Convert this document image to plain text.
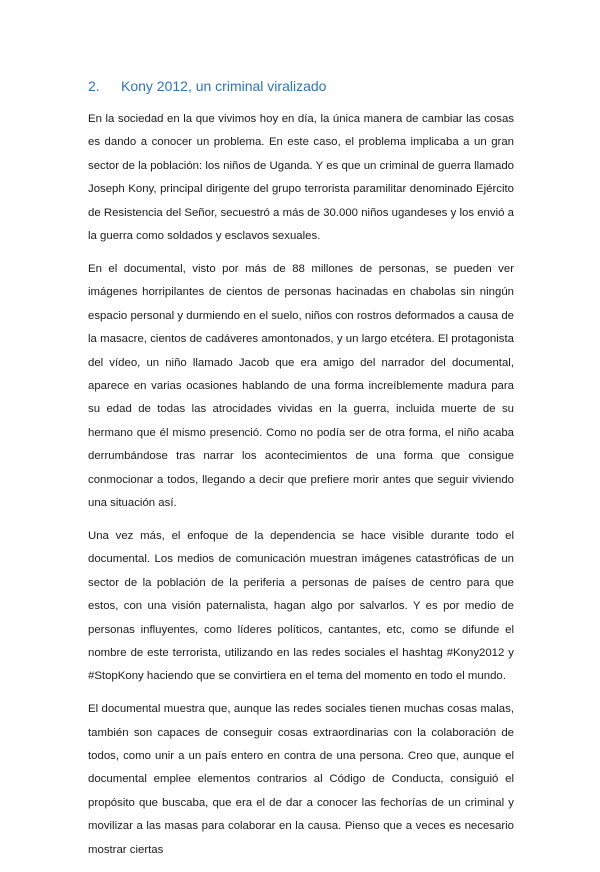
2. Kony 2012, un criminal viralizado

En la sociedad en la que vivimos hoy en día, la única manera de cambiar las cosas es dando a conocer un problema. En este caso, el problema implicaba a un gran sector de la población: los niños de Uganda. Y es que un criminal de guerra llamado Joseph Kony, principal dirigente del grupo terrorista paramilitar denominado Ejército de Resistencia del Señor, secuestró a más de 30.000 niños ugandeses y los envió a la guerra como soldados y esclavos sexuales.

En el documental, visto por más de 88 millones de personas, se pueden ver imágenes horripilantes de cientos de personas hacinadas en chabolas sin ningún espacio personal y durmiendo en el suelo, niños con rostros deformados a causa de la masacre, cientos de cadáveres amontonados, y un largo etcétera. El protagonista del vídeo, un niño llamado Jacob que era amigo del narrador del documental, aparece en varias ocasiones hablando de una forma increíblemente madura para su edad de todas las atrocidades vividas en la guerra, incluida muerte de su hermano que él mismo presenció. Como no podía ser de otra forma, el niño acaba derrumbándose tras narrar los acontecimientos de una forma que consigue conmocionar a todos, llegando a decir que prefiere morir antes que seguir viviendo una situación así.

Una vez más, el enfoque de la dependencia se hace visible durante todo el documental. Los medios de comunicación muestran imágenes catastróficas de un sector de la población de la periferia a personas de países de centro para que estos, con una visión paternalista, hagan algo por salvarlos. Y es por medio de personas influyentes, como líderes políticos, cantantes, etc, como se difunde el nombre de este terrorista, utilizando en las redes sociales el hashtag #Kony2012 y #StopKony haciendo que se convirtiera en el tema del momento en todo el mundo.

El documental muestra que, aunque las redes sociales tienen muchas cosas malas, también son capaces de conseguir cosas extraordinarias con la colaboración de todos, como unir a un país entero en contra de una persona. Creo que, aunque el documental emplee elementos contrarios al Código de Conducta, consiguió el propósito que buscaba, que era el de dar a conocer las fechorías de un criminal y movilizar a las masas para colaborar en la causa. Pienso que a veces es necesario mostrar ciertas
